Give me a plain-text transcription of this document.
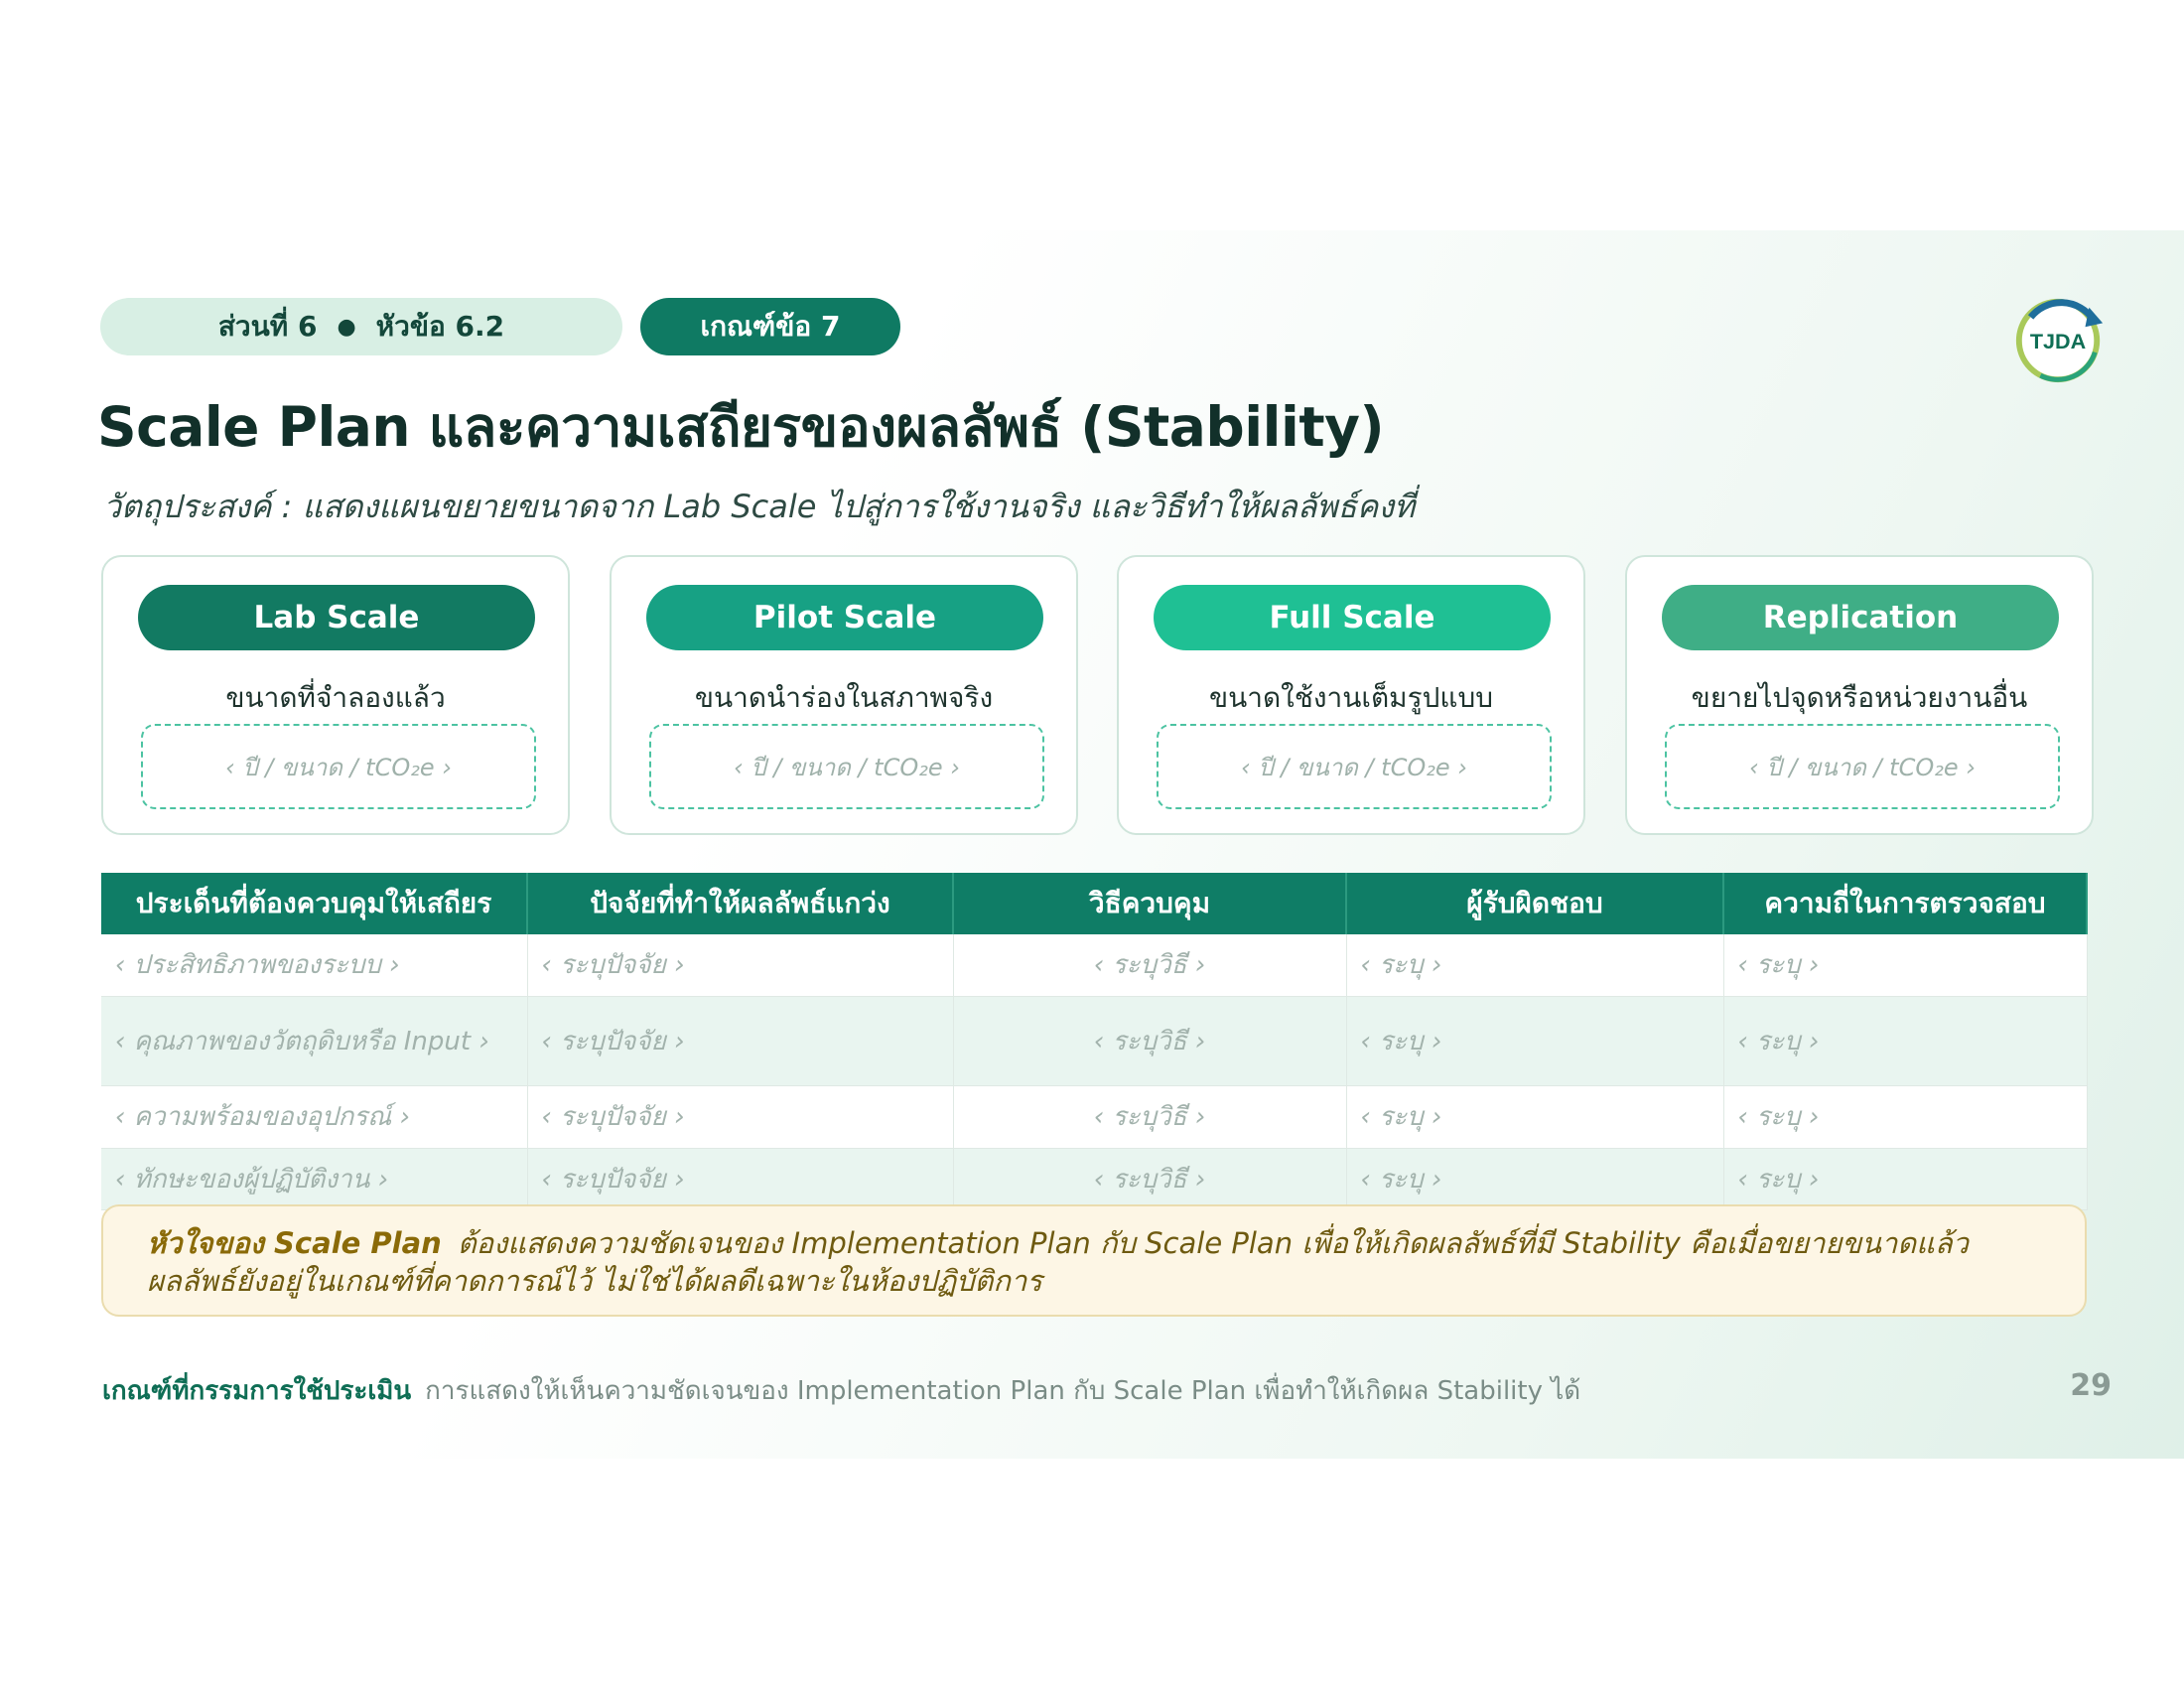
ส่วนที่ 6 ● หัวข้อ 6.2	เกณฑ์ข้อ 7	TJDA
Scale Plan และความเสถียรของผลลัพธ์ (Stability)
วัตถุประสงค์ : แสดงแผนขยายขนาดจาก Lab Scale ไปสู่การใช้งานจริง และวิธีทำให้ผลลัพธ์คงที่
Lab Scale
ขนาดที่จำลองแล้ว
‹ ปี / ขนาด / tCO₂e ›
Pilot Scale
ขนาดนำร่องในสภาพจริง
‹ ปี / ขนาด / tCO₂e ›
Full Scale
ขนาดใช้งานเต็มรูปแบบ
‹ ปี / ขนาด / tCO₂e ›
Replication
ขยายไปจุดหรือหน่วยงานอื่น
‹ ปี / ขนาด / tCO₂e ›
ประเด็นที่ต้องควบคุมให้เสถียร	ปัจจัยที่ทำให้ผลลัพธ์แกว่ง	วิธีควบคุม	ผู้รับผิดชอบ	ความถี่ในการตรวจสอบ
‹ ประสิทธิภาพของระบบ ›	‹ ระบุปัจจัย ›	‹ ระบุวิธี ›	‹ ระบุ ›	‹ ระบุ ›
‹ คุณภาพของวัตถุดิบหรือ Input ›	‹ ระบุปัจจัย ›	‹ ระบุวิธี ›	‹ ระบุ ›	‹ ระบุ ›
‹ ความพร้อมของอุปกรณ์ ›	‹ ระบุปัจจัย ›	‹ ระบุวิธี ›	‹ ระบุ ›	‹ ระบุ ›
‹ ทักษะของผู้ปฏิบัติงาน ›	‹ ระบุปัจจัย ›	‹ ระบุวิธี ›	‹ ระบุ ›	‹ ระบุ ›
หัวใจของ Scale Plan ต้องแสดงความชัดเจนของ Implementation Plan กับ Scale Plan เพื่อให้เกิดผลลัพธ์ที่มี Stability คือเมื่อขยายขนาดแล้วผลลัพธ์ยังอยู่ในเกณฑ์ที่คาดการณ์ไว้ ไม่ใช่ได้ผลดีเฉพาะในห้องปฏิบัติการ
เกณฑ์ที่กรรมการใช้ประเมิน การแสดงให้เห็นความชัดเจนของ Implementation Plan กับ Scale Plan เพื่อทำให้เกิดผล Stability ได้	29
